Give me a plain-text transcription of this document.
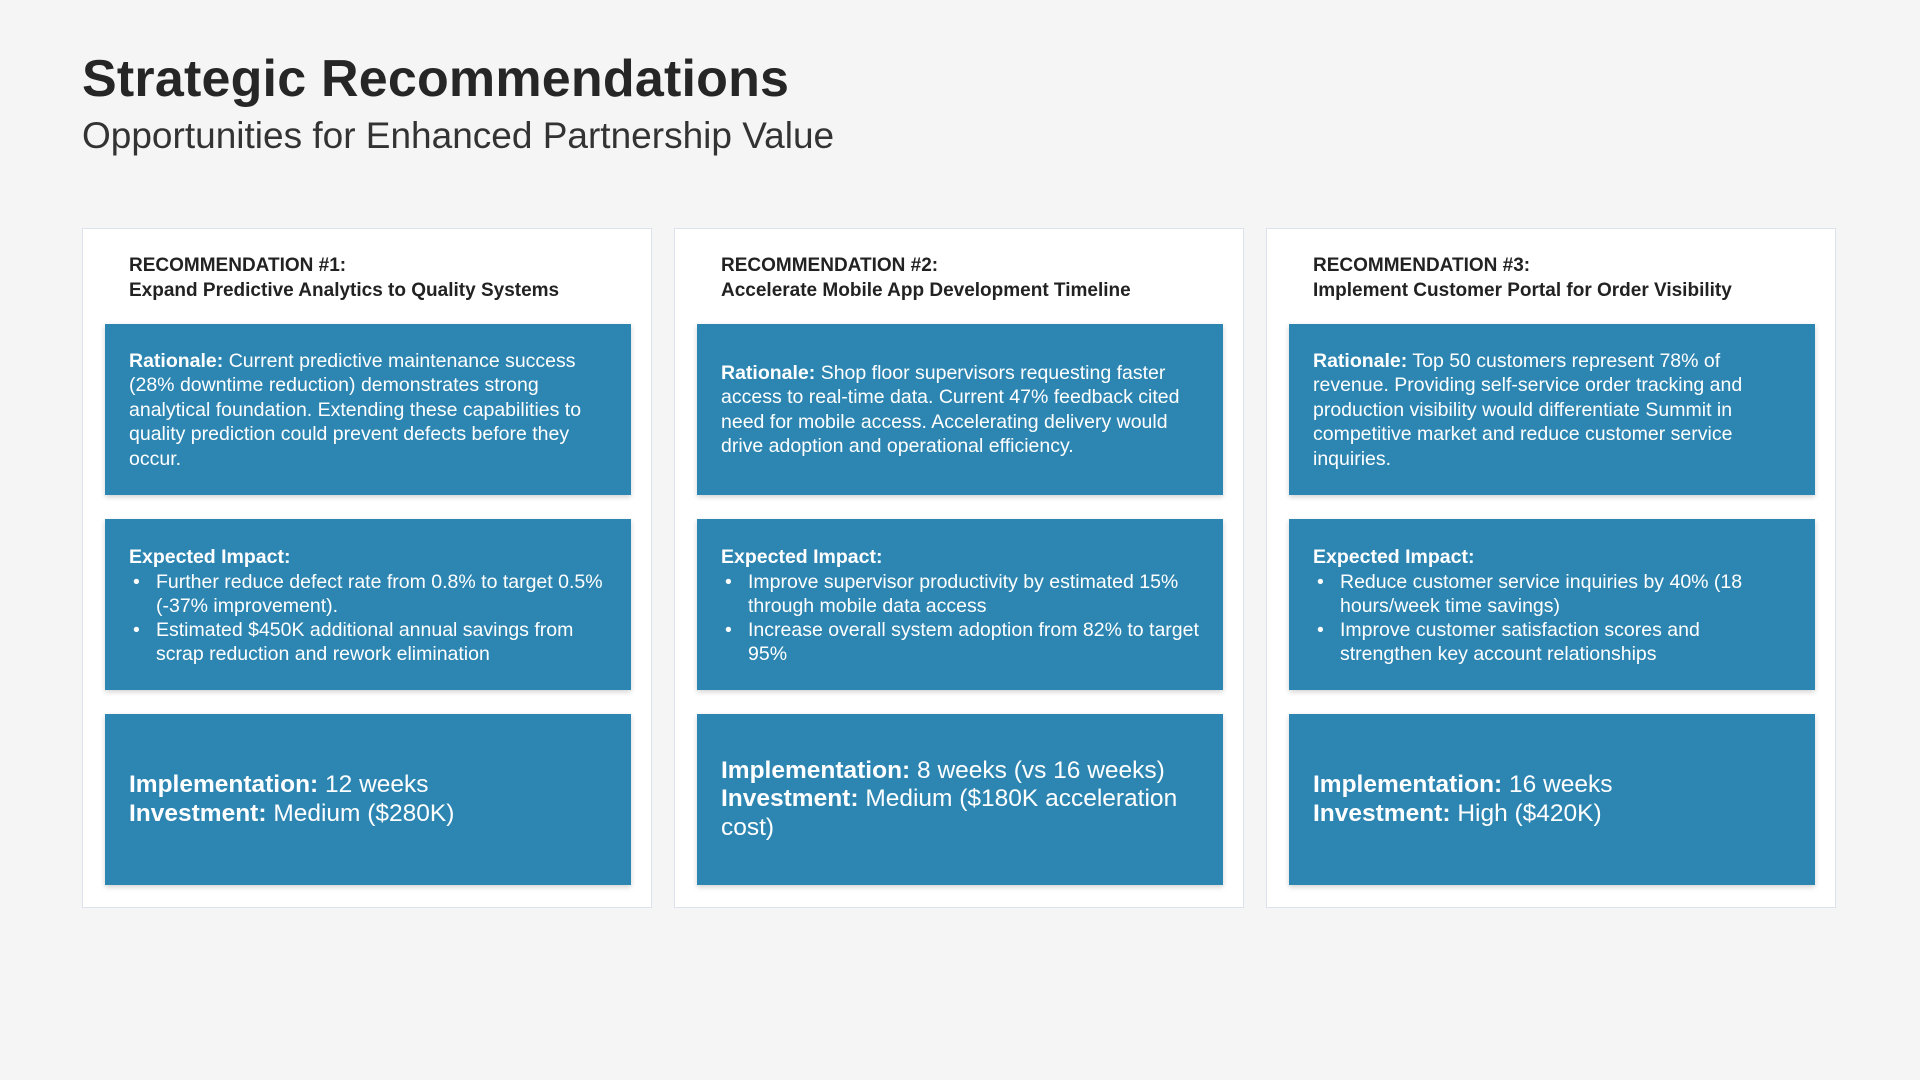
Strategic Recommendations
Opportunities for Enhanced Partnership Value
RECOMMENDATION #1:
Expand Predictive Analytics to Quality Systems
Rationale: Current predictive maintenance success (28% downtime reduction) demonstrates strong analytical foundation. Extending these capabilities to quality prediction could prevent defects before they occur.
Expected Impact:
• Further reduce defect rate from 0.8% to target 0.5% (-37% improvement).
• Estimated $450K additional annual savings from scrap reduction and rework elimination
Implementation: 12 weeks
Investment: Medium ($280K)
RECOMMENDATION #2:
Accelerate Mobile App Development Timeline
Rationale: Shop floor supervisors requesting faster access to real-time data. Current 47% feedback cited need for mobile access. Accelerating delivery would drive adoption and operational efficiency.
Expected Impact:
• Improve supervisor productivity by estimated 15% through mobile data access
• Increase overall system adoption from 82% to target 95%
Implementation: 8 weeks (vs 16 weeks)
Investment: Medium ($180K acceleration cost)
RECOMMENDATION #3:
Implement Customer Portal for Order Visibility
Rationale: Top 50 customers represent 78% of revenue. Providing self-service order tracking and production visibility would differentiate Summit in competitive market and reduce customer service inquiries.
Expected Impact:
• Reduce customer service inquiries by 40% (18 hours/week time savings)
• Improve customer satisfaction scores and strengthen key account relationships
Implementation: 16 weeks
Investment: High ($420K)
